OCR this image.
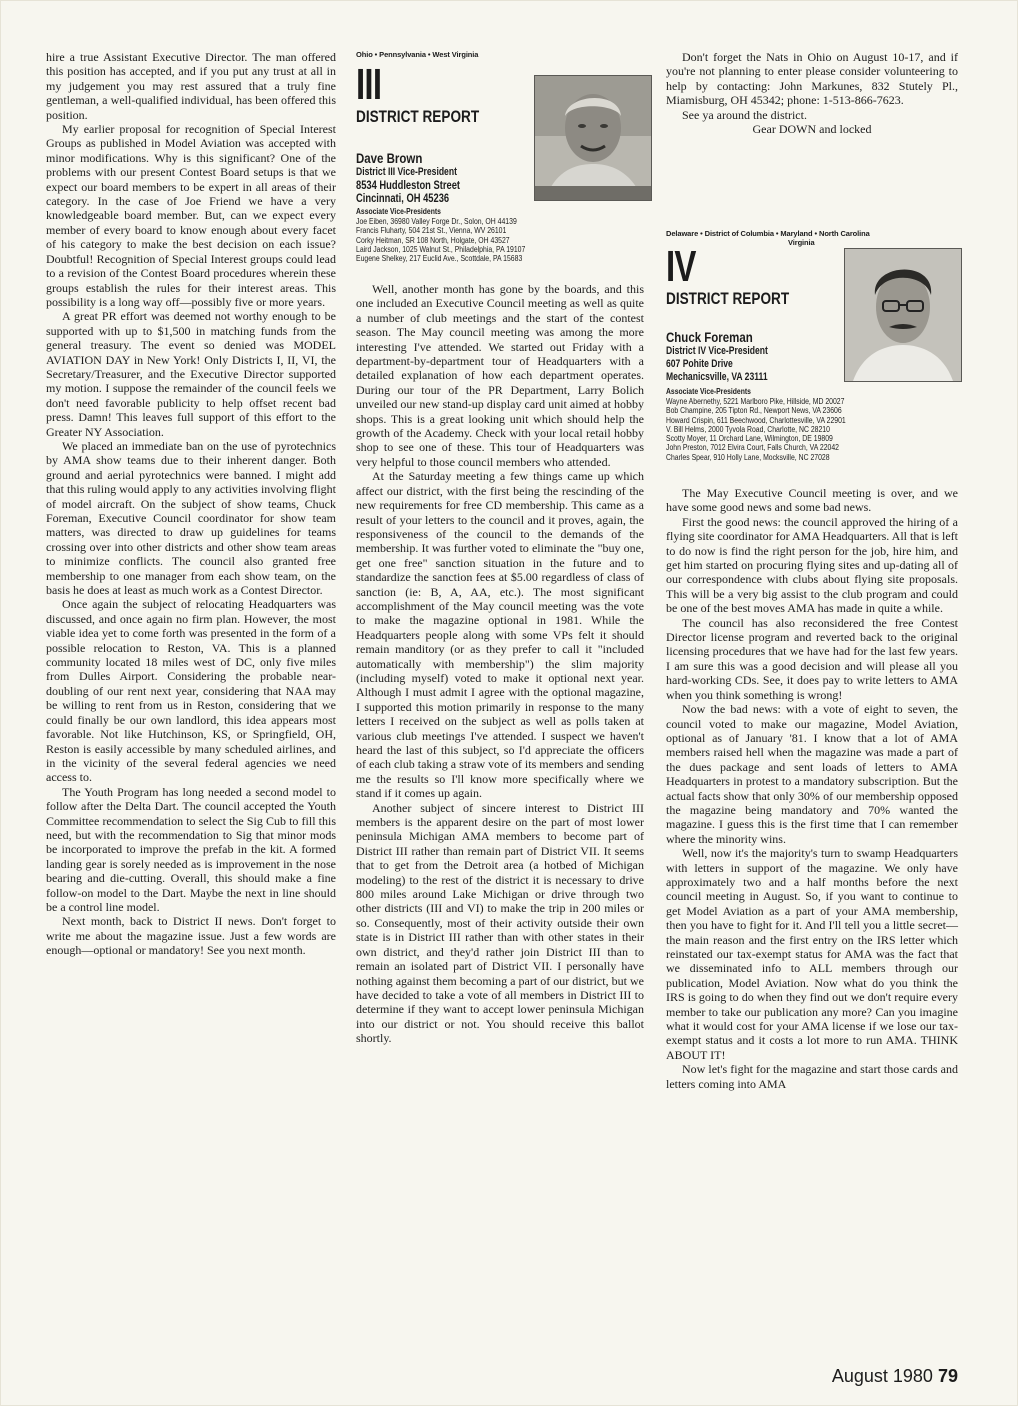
hire a true Assistant Executive Director. The man offered this position has accepted, and if you put any trust at all in my judgement you may rest assured that a truly fine gentleman, a well-qualified individual, has been offered this position.

My earlier proposal for recognition of Special Interest Groups as published in Model Aviation was accepted with minor modifications. Why is this significant? One of the problems with our present Contest Board setups is that we expect our board members to be expert in all areas of their category. In the case of Joe Friend we have a very knowledgeable board member. But, can we expect every member of every board to know enough about every facet of his category to make the best decision on each issue? Doubtful! Recognition of Special Interest groups could lead to a revision of the Contest Board procedures wherein these groups establish the rules for their interest areas. This possibility is a long way off—possibly five or more years.

A great PR effort was deemed not worthy enough to be supported with up to $1,500 in matching funds from the general treasury. The event so denied was MODEL AVIATION DAY in New York! Only Districts I, II, VI, the Secretary/Treasurer, and the Executive Director supported my motion. I suppose the remainder of the council feels we don't need favorable publicity to help offset recent bad press. Damn! This leaves full support of this effort to the Greater NY Association.

We placed an immediate ban on the use of pyrotechnics by AMA show teams due to their inherent danger. Both ground and aerial pyrotechnics were banned. I might add that this ruling would apply to any activities involving flight of model aircraft. On the subject of show teams, Chuck Foreman, Executive Council coordinator for show team matters, was directed to draw up guidelines for teams crossing over into other districts and other show team areas to minimize conflicts. The council also granted free membership to one manager from each show team, on the basis he does at least as much work as a Contest Director.

Once again the subject of relocating Headquarters was discussed, and once again no firm plan. However, the most viable idea yet to come forth was presented in the form of a possible relocation to Reston, VA. This is a planned community located 18 miles west of DC, only five miles from Dulles Airport. Considering the probable near-doubling of our rent next year, considering that NAA may be willing to rent from us in Reston, considering that we could finally be our own landlord, this idea appears most favorable. Not like Hutchinson, KS, or Springfield, OH, Reston is easily accessible by many scheduled airlines, and in the vicinity of the several federal agencies we need access to.

The Youth Program has long needed a second model to follow after the Delta Dart. The council accepted the Youth Committee recommendation to select the Sig Cub to fill this need, but with the recommendation to Sig that minor mods be incorporated to improve the prefab in the kit. A formed landing gear is sorely needed as is improvement in the nose bearing and die-cutting. Overall, this should make a fine follow-on model to the Dart. Maybe the next in line should be a control line model.

Next month, back to District II news. Don't forget to write me about the magazine issue. Just a few words are enough—optional or mandatory! See you next month.

Ohio • Pennsylvania • West Virginia
III
DISTRICT REPORT
Dave Brown
District III Vice-President
8534 Huddleston Street
Cincinnati, OH 45236
Associate Vice-Presidents
Joe Eiben, 36980 Valley Forge Dr., Solon, OH 44139
Francis Fluharty, 504 21st St., Vienna, WV 26101
Corky Heitman, SR 108 North, Holgate, OH 43527
Laird Jackson, 1025 Walnut St., Philadelphia, PA 19107
Eugene Shelkey, 217 Euclid Ave., Scottdale, PA 15683

Well, another month has gone by the boards, and this one included an Executive Council meeting as well as quite a number of club meetings and the start of the contest season. The May council meeting was among the more interesting I've attended. We started out Friday with a department-by-department tour of Headquarters with a detailed explanation of how each department operates. During our tour of the PR Department, Larry Bolich unveiled our new stand-up display card unit aimed at hobby shops. This is a great looking unit which should help the growth of the Academy. Check with your local retail hobby shop to see one of these. This tour of Headquarters was very helpful to those council members who attended.

At the Saturday meeting a few things came up which affect our district, with the first being the rescinding of the new requirements for free CD membership. This came as a result of your letters to the council and it proves, again, the responsiveness of the council to the demands of the membership. It was further voted to eliminate the "buy one, get one free" sanction situation in the future and to standardize the sanction fees at $5.00 regardless of class of sanction (ie: B, A, AA, etc.). The most significant accomplishment of the May council meeting was the vote to make the magazine optional in 1981. While the Headquarters people along with some VPs felt it should remain manditory (or as they prefer to call it "included automatically with membership") the slim majority (including myself) voted to make it optional next year. Although I must admit I agree with the optional magazine, I supported this motion primarily in response to the many letters I received on the subject as well as polls taken at various club meetings I've attended. I suspect we haven't heard the last of this subject, so I'd appreciate the officers of each club taking a straw vote of its members and sending me the results so I'll know more specifically where we stand if it comes up again.

Another subject of sincere interest to District III members is the apparent desire on the part of most lower peninsula Michigan AMA members to become part of District III rather than remain part of District VII. It seems that to get from the Detroit area (a hotbed of Michigan modeling) to the rest of the district it is necessary to drive 800 miles around Lake Michigan or drive through two other districts (III and VI) to make the trip in 200 miles or so. Consequently, most of their activity outside their own state is in District III rather than with other states in their own district, and they'd rather join District III than to remain an isolated part of District VII. I personally have nothing against them becoming a part of our district, but we have decided to take a vote of all members in District III to determine if they want to accept lower peninsula Michigan into our district or not. You should receive this ballot shortly.

Don't forget the Nats in Ohio on August 10-17, and if you're not planning to enter please consider volunteering to help by contacting: John Markunes, 832 Stutely Pl., Miamisburg, OH 45342; phone: 1-513-866-7623.

See ya around the district.

Gear DOWN and locked
Delaware • District of Columbia • Maryland • North Carolina
Virginia
IV
DISTRICT REPORT
Chuck Foreman
District IV Vice-President
607 Pohite Drive
Mechanicsville, VA 23111
Associate Vice-Presidents
Wayne Abernethy, 5221 Marlboro Pike, Hillside, MD 20027
Bob Champine, 205 Tipton Rd., Newport News, VA 23606
Howard Crispin, 611 Beechwood, Charlottesville, VA 22901
V. Bill Helms, 2000 Tyvola Road, Charlotte, NC 28210
Scotty Moyer, 11 Orchard Lane, Wilmington, DE 19809
John Preston, 7012 Elvira Court, Falls Church, VA 22042
Charles Spear, 910 Holly Lane, Mocksville, NC 27028

The May Executive Council meeting is over, and we have some good news and some bad news.

First the good news: the council approved the hiring of a flying site coordinator for AMA Headquarters. All that is left to do now is find the right person for the job, hire him, and get him started on procuring flying sites and up-dating all of our correspondence with clubs about flying site proposals. This will be a very big assist to the club program and could be one of the best moves AMA has made in quite a while.

The council has also reconsidered the free Contest Director license program and reverted back to the original licensing procedures that we have had for the last few years. I am sure this was a good decision and will please all you hard-working CDs. See, it does pay to write letters to AMA when you think something is wrong!

Now the bad news: with a vote of eight to seven, the council voted to make our magazine, Model Aviation, optional as of January '81. I know that a lot of AMA members raised hell when the magazine was made a part of the dues package and sent loads of letters to AMA Headquarters in protest to a mandatory subscription. But the actual facts show that only 30% of our membership opposed the magazine being mandatory and 70% wanted the magazine. I guess this is the first time that I can remember where the minority wins.

Well, now it's the majority's turn to swamp Headquarters with letters in support of the magazine. We only have approximately two and a half months before the next council meeting in August. So, if you want to continue to get Model Aviation as a part of your AMA membership, then you have to fight for it. And I'll tell you a little secret—the main reason and the first entry on the IRS letter which reinstated our tax-exempt status for AMA was the fact that we disseminated info to ALL members through our publication, Model Aviation. Now what do you think the IRS is going to do when they find out we don't require every member to take our publication any more? Can you imagine what it would cost for your AMA license if we lose our tax-exempt status and it costs a lot more to run AMA. THINK ABOUT IT!

Now let's fight for the magazine and start those cards and letters coming into AMA

August 1980 79
